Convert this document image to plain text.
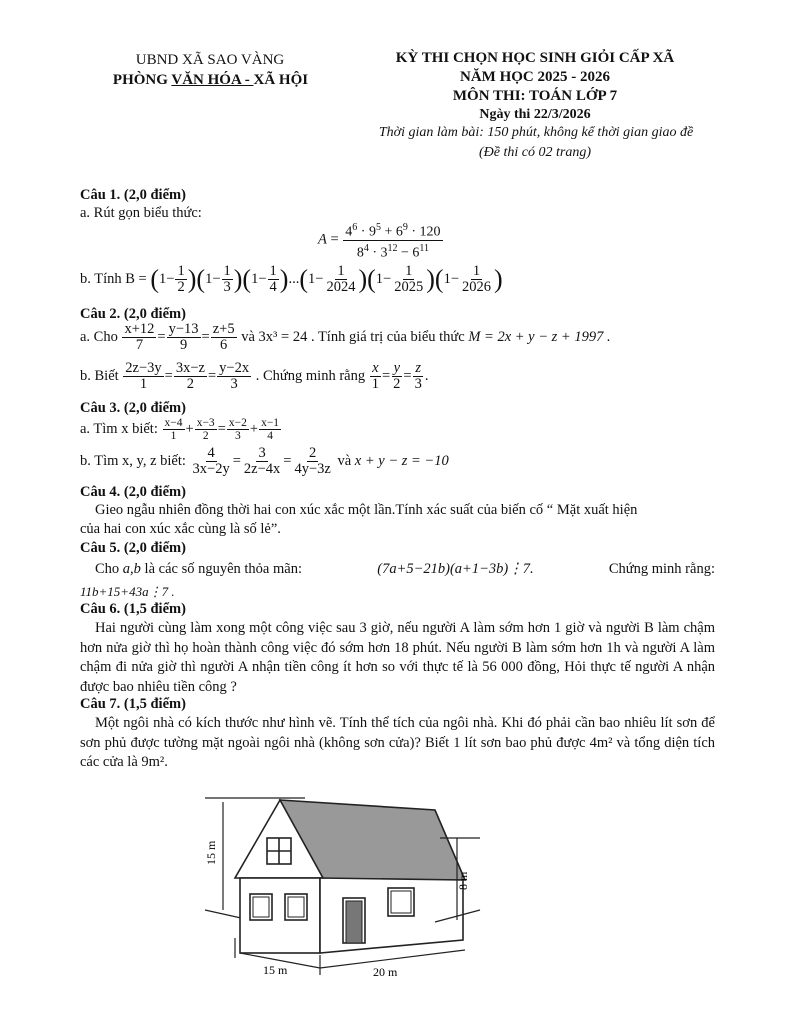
UBND XÃ SAO VÀNG
PHÒNG VĂN HÓA - XÃ HỘI
KỲ THI CHỌN HỌC SINH GIỎI CẤP XÃ
NĂM HỌC 2025 - 2026
MÔN THI: TOÁN LỚP 7
Ngày thi 22/3/2026
Thời gian làm bài: 150 phút, không kể thời gian giao đề
(Đề thi có 02 trang)
Câu 1. (2,0 điểm)
a. Rút gọn biểu thức:
$A = \frac{4^6 \cdot 9^5 + 6^9 \cdot 120}{8^4 \cdot 3^{12} - 6^{11}}$
b. Tính $B = (1- \frac{1}{2} )(1- \frac{1}{3} )(1- \frac{1}{4} )...(1- \frac{1}{2024} )(1- \frac{1}{2025} )(1- \frac{1}{2026}$ )
Câu 2. (2,0 điểm)
a. Cho $\frac{x+12}{7} = \frac{y-13}{9} = \frac{z+5}{6}$ và 3x³ = 24 . Tính giá trị của biểu thức M = 2x + y − z + 1997 .
b. Biết $\frac{2z-3y}{1} = \frac{3x-z}{2} = \frac{y-2x}{3}$ . Chứng minh rằng $\frac{x}{1} = \frac{y}{2} = \frac{z}{3}$ .
Câu 3. (2,0 điểm)
a. Tìm x biết: $\frac{x-4}{1} + \frac{x-3}{2} = \frac{x-2}{3} + \frac{x-1}{4}$
b. Tìm x, y, z biết: $\frac{4}{3x-2y} = \frac{3}{2z-4x} = \frac{2}{4y-3z}$ và x + y − z = −10
Câu 4. (2,0 điểm)
Gieo ngẫu nhiên đồng thời hai con xúc xắc một lần.Tính xác suất của biến cố “ Mặt xuất hiện
của hai con xúc xắc cùng là số lẻ”.
Câu 5. (2,0 điểm)
Cho a,b là các số nguyên thỏa mãn:	(7a+5−21b)(a+1−3b)⋮7.	Chứng minh rằng:
11b+15+43a⋮7 .
Câu 6. (1,5 điểm)
Hai người cùng làm xong một công việc sau 3 giờ, nếu người A làm sớm hơn 1 giờ và người B làm chậm hơn nửa giờ thì họ hoàn thành công việc đó sớm hơn 18 phút. Nếu người B làm sớm hơn 1h và người A làm chậm đi nửa giờ thì người A nhận tiền công ít hơn so với thực tế là 56 000 đồng, Hỏi thực tế người A nhận được bao nhiêu tiền công ?
Câu 7. (1,5 điểm)
Một ngôi nhà có kích thước như hình vẽ. Tính thể tích của ngôi nhà. Khi đó phải cần bao nhiêu lít sơn để sơn phủ được tường mặt ngoài ngôi nhà (không sơn cửa)? Biết 1 lít sơn bao phủ được 4m² và tổng diện tích các cửa là 9m².
15 m
8 m
15 m	20 m
